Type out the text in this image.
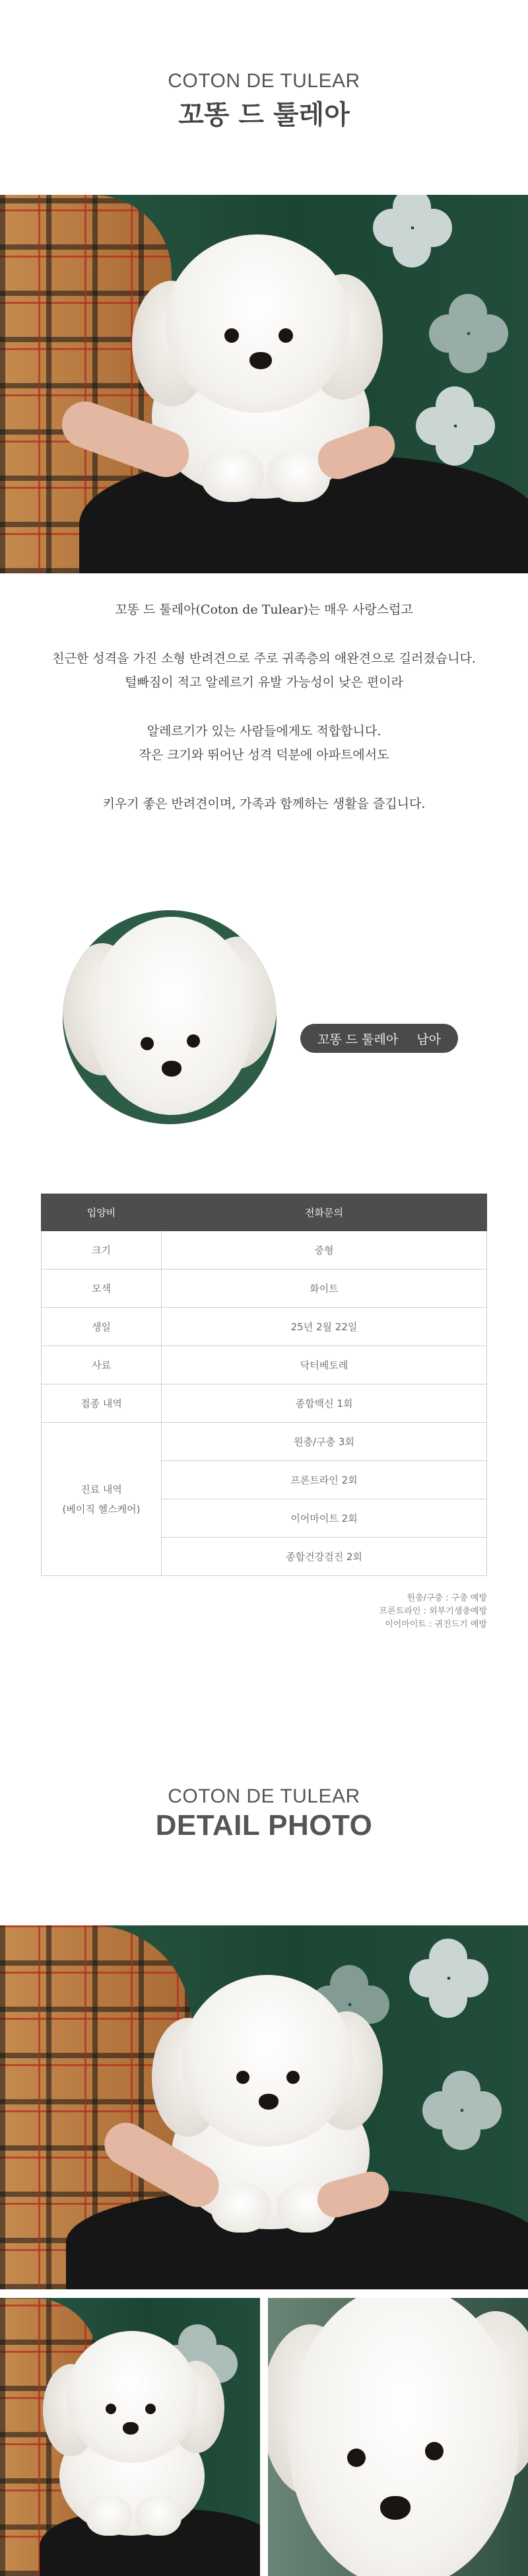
COTON DE TULEAR
꼬똥 드 툴레아

꼬똥 드 툴레아(Coton de Tulear)는 매우 사랑스럽고

친근한 성격을 가진 소형 반려견으로 주로 귀족층의 애완견으로 길러졌습니다.

털빠짐이 적고 알레르기 유발 가능성이 낮은 편이라

알레르기가 있는 사람들에게도 적합합니다.

작은 크기와 뛰어난 성격 덕분에 아파트에서도

키우기 좋은 반려견이며, 가족과 함께하는 생활을 즐깁니다.

꼬똥 드 툴레아 남아
입양비	전화문의
크기	중형
모색	화이트
생일	25년 2월 22일
사료	닥터베토레
접종 내역	종합백신 1회

진료 내역
(베이직 헬스케어)	원충/구충 3회
	프론트라인 2회
	이어마이트 2회
	종합건강검진 2회
원충/구충 : 구충 예방
프론트라인 : 외부기생충예방
이어마이트 : 귀진드기 예방
COTON DE TULEAR
DETAIL PHOTO
